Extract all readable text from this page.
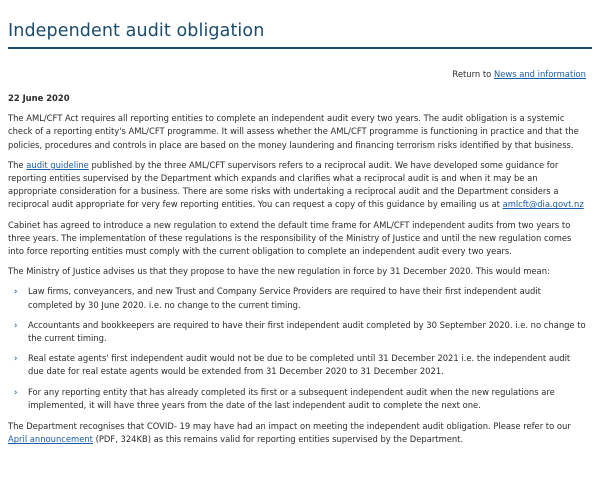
Independent audit obligation
Return to News and information
22 June 2020

The AML/CFT Act requires all reporting entities to complete an independent audit every two years. The audit obligation is a systemic check of a reporting entity's AML/CFT programme. It will assess whether the AML/CFT programme is functioning in practice and that the policies, procedures and controls in place are based on the money laundering and financing terrorism risks identified by that business.

The audit guideline published by the three AML/CFT supervisors refers to a reciprocal audit. We have developed some guidance for reporting entities supervised by the Department which expands and clarifies what a reciprocal audit is and when it may be an appropriate consideration for a business. There are some risks with undertaking a reciprocal audit and the Department considers a reciprocal audit appropriate for very few reporting entities. You can request a copy of this guidance by emailing us at amlcft@dia.govt.nz

Cabinet has agreed to introduce a new regulation to extend the default time frame for AML/CFT independent audits from two years to three years. The implementation of these regulations is the responsibility of the Ministry of Justice and until the new regulation comes into force reporting entities must comply with the current obligation to complete an independent audit every two years.

The Ministry of Justice advises us that they propose to have the new regulation in force by 31 December 2020. This would mean:

› Law firms, conveyancers, and new Trust and Company Service Providers are required to have their first independent audit completed by 30 June 2020. i.e. no change to the current timing.
› Accountants and bookkeepers are required to have their first independent audit completed by 30 September 2020. i.e. no change to the current timing.
› Real estate agents' first independent audit would not be due to be completed until 31 December 2021 i.e. the independent audit due date for real estate agents would be extended from 31 December 2020 to 31 December 2021.
› For any reporting entity that has already completed its first or a subsequent independent audit when the new regulations are implemented, it will have three years from the date of the last independent audit to complete the next one.

The Department recognises that COVID- 19 may have had an impact on meeting the independent audit obligation. Please refer to our April announcement (PDF, 324KB) as this remains valid for reporting entities supervised by the Department.
